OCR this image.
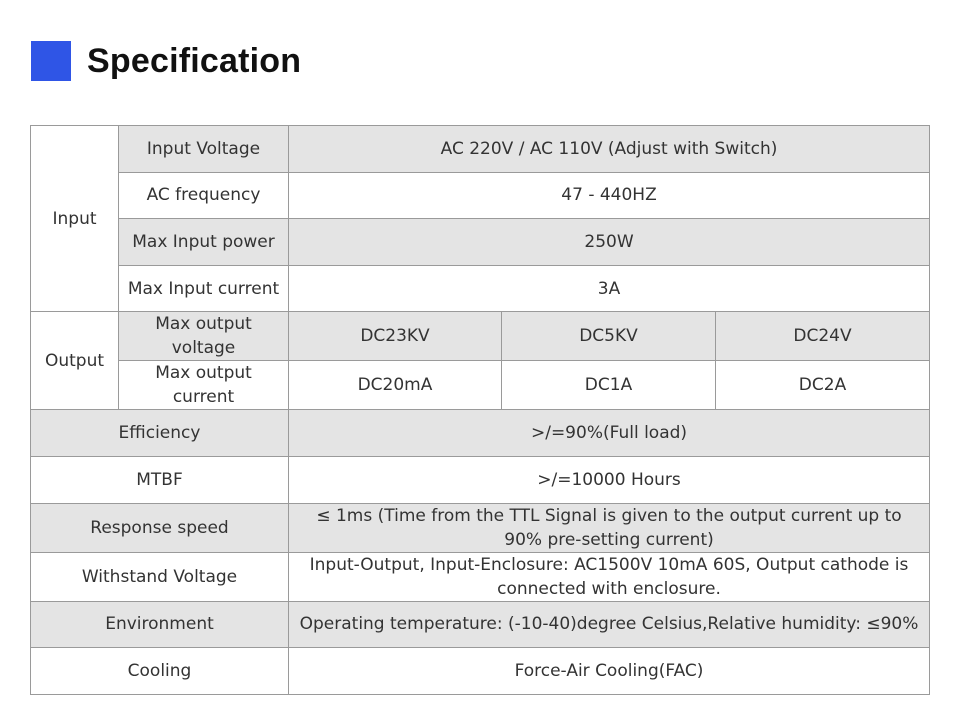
Specification
Input	Input Voltage	AC 220V / AC 110V (Adjust with Switch)		
	AC frequency	47 - 440HZ		
	Max Input power	250W		
	Max Input current	3A		
Output	Max output voltage	DC23KV	DC5KV	DC24V
	Max output current	DC20mA	DC1A	DC2A
Efficiency		>/=90%(Full load)		
MTBF		>/=10000 Hours		
Response speed		≤ 1ms (Time from the TTL Signal is given to the output current up to 90% pre-setting current)		
Withstand Voltage		Input-Output, Input-Enclosure: AC1500V 10mA 60S, Output cathode is connected with enclosure.		
Environment		Operating temperature: (-10-40)degree Celsius,Relative humidity: ≤90%		
Cooling		Force-Air Cooling(FAC)		
